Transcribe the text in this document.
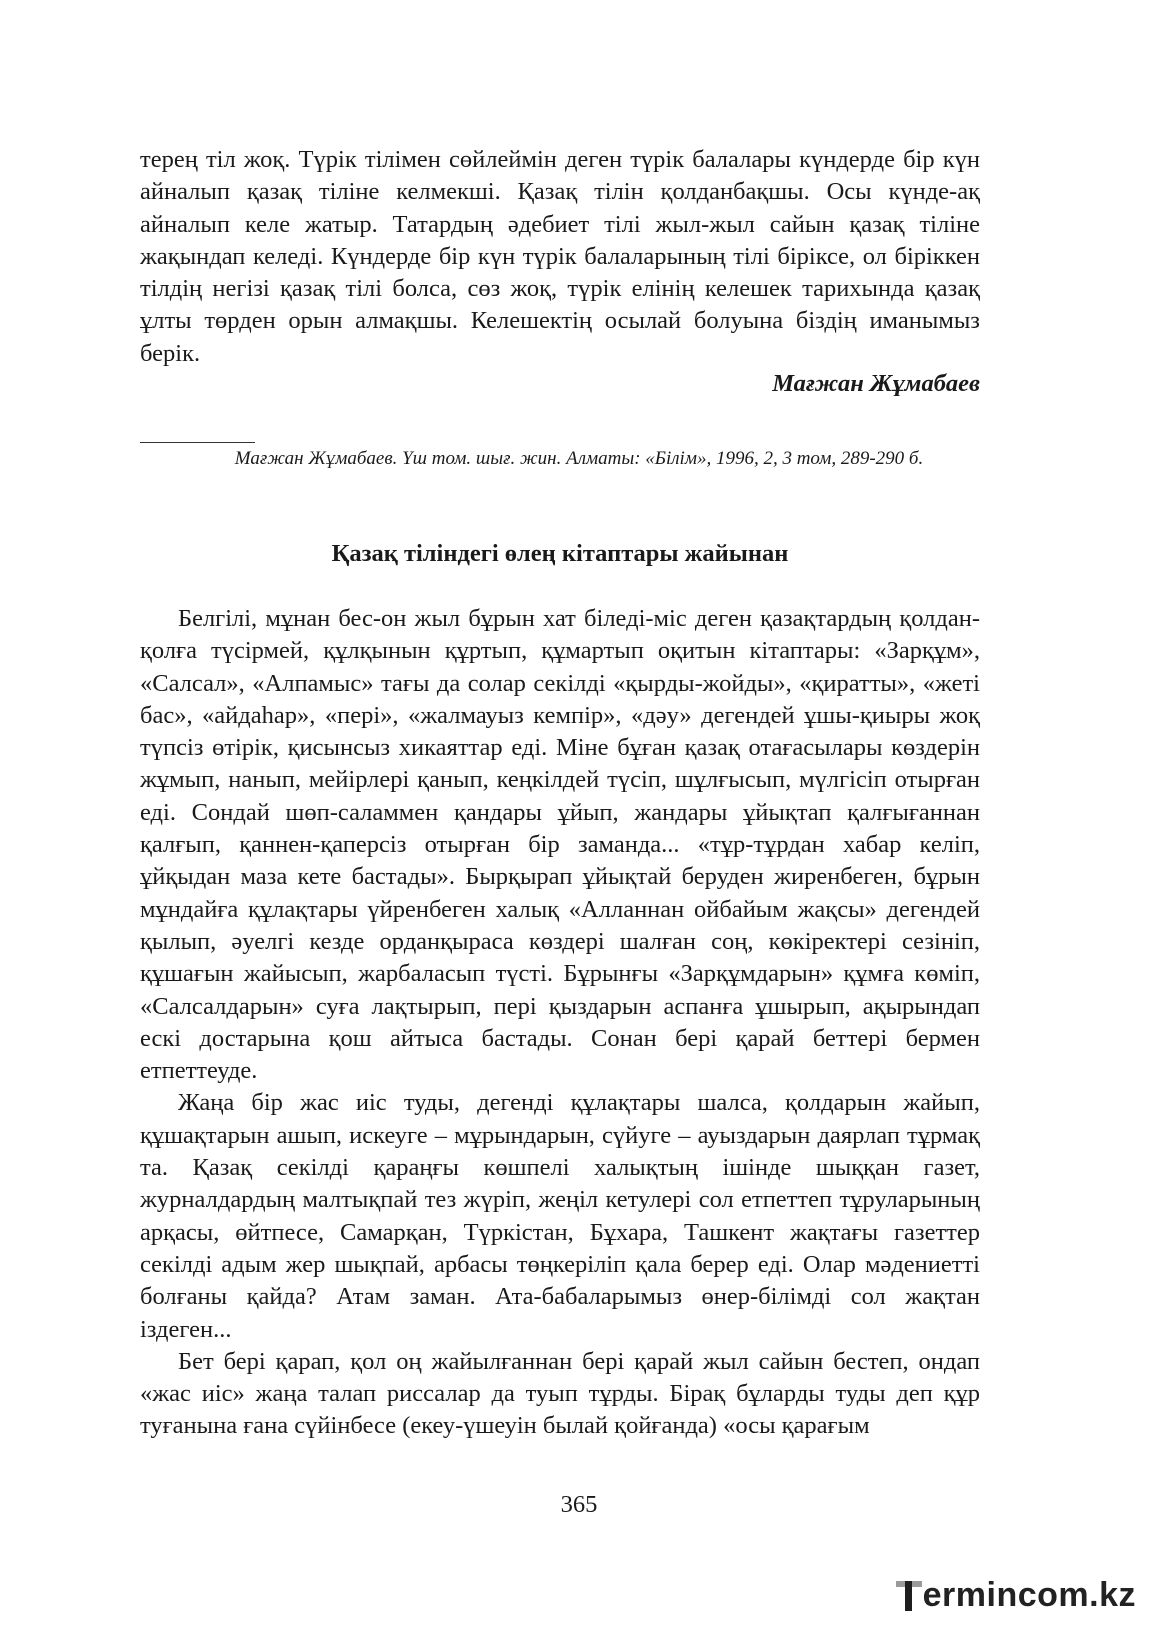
терең тіл жоқ. Түрік тілімен сөйлеймін деген түрік балалары күндерде бір күн айналып қазақ тіліне келмекші. Қазақ тілін қолданбақшы. Осы күнде-ақ айналып келе жатыр. Татардың әдебиет тілі жыл-жыл сайын қазақ тіліне жақындап келеді. Күндерде бір күн түрік балаларының тілі біріксе, ол біріккен тілдің негізі қазақ тілі болса, сөз жоқ, түрік елінің келешек тарихында қазақ ұлты төрден орын алмақшы. Келешектің осылай болуына біздің иманымыз берік.

Мағжан Жұмабаев
Мағжан Жұмабаев. Үш том. шығ. жин. Алматы: «Білім», 1996, 2, 3 том, 289-290 б.
Қазақ тіліндегі өлең кітаптары жайынан

Белгілі, мұнан бес-он жыл бұрын хат біледі-міс деген қазақтардың қолдан-қолға түсірмей, құлқынын құртып, құмартып оқитын кітаптары: «Зарқұм», «Салсал», «Алпамыс» тағы да солар секілді «қырды-жойды», «қиратты», «жеті бас», «айдаһар», «пері», «жалмауыз кемпір», «дәу» дегендей ұшы-қиыры жоқ түпсіз өтірік, қисынсыз хикаяттар еді. Міне бұған қазақ отағасылары көздерін жұмып, нанып, мейірлері қанып, кеңкілдей түсіп, шұлғысып, мүлгісіп отырған еді. Сондай шөп-саламмен қандары ұйып, жандары ұйықтап қалғығаннан қалғып, қаннен-қаперсіз отырған бір заманда... «тұр-тұрдан хабар келіп, ұйқыдан маза кете бастады». Бырқырап ұйықтай беруден жиренбеген, бұрын мұндайға құлақтары үйренбеген халық «Алланнан ойбайым жақсы» дегендей қылып, әуелгі кезде орданқыраса көздері шалған соң, көкіректері сезініп, құшағын жайысып, жарбаласып түсті. Бұрынғы «Зарқұмдарын» құмға көміп, «Салсалдарын» суға лақтырып, пері қыздарын аспанға ұшырып, ақырындап ескі достарына қош айтыса бастады. Сонан бері қарай беттері бермен етпеттеуде.

Жаңа бір жас иіс туды, дегенді құлақтары шалса, қолдарын жайып, құшақтарын ашып, искеуге – мұрындарын, сүйуге – ауыздарын даярлап тұрмақ та. Қазақ секілді қараңғы көшпелі халықтың ішінде шыққан газет, журналдардың малтықпай тез жүріп, жеңіл кетулері сол етпеттеп тұруларының арқасы, өйтпесе, Самарқан, Түркістан, Бұхара, Ташкент жақтағы газеттер секілді адым жер шықпай, арбасы төңкеріліп қала берер еді. Олар мәдениетті болғаны қайда? Атам заман. Ата-бабаларымыз өнер-білімді сол жақтан іздеген...

Бет бері қарап, қол оң жайылғаннан бері қарай жыл сайын бестеп, ондап «жас иіс» жаңа талап риссалар да туып тұрды. Бірақ бұларды туды деп құр туғанына ғана сүйінбесе (екеу-үшеуін былай қойғанда) «осы қарағым

365
ermincom.kz
